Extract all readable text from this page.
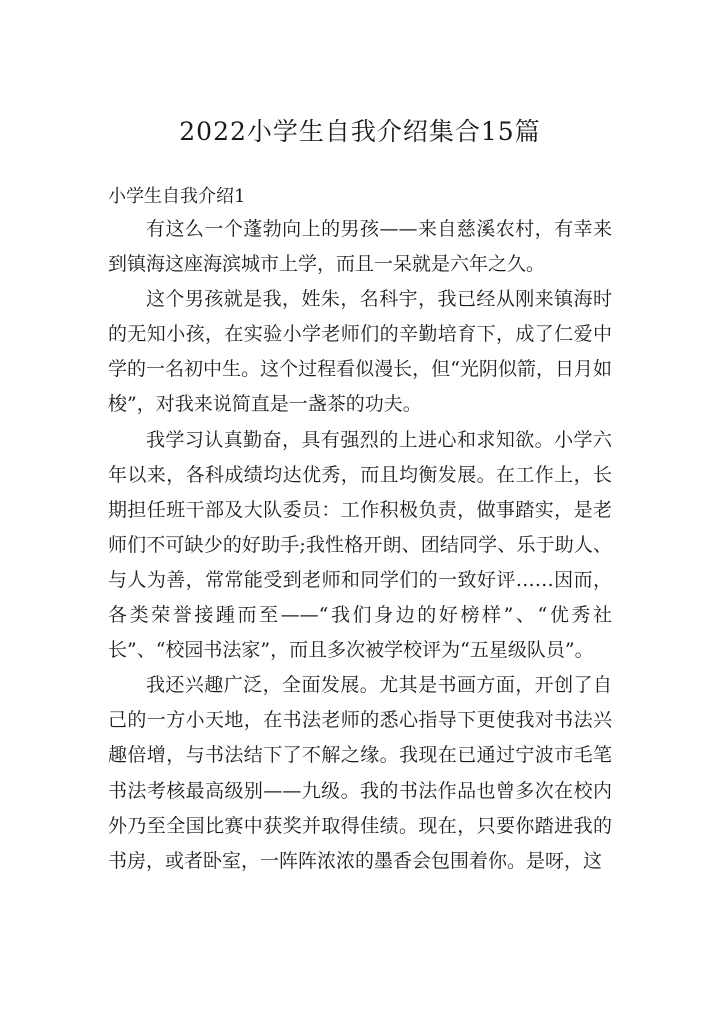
2022小学生自我介绍集合15篇
小学生自我介绍1

有这么一个蓬勃向上的男孩——来自慈溪农村，有幸来到镇海这座海滨城市上学，而且一呆就是六年之久。

这个男孩就是我，姓朱，名科宇，我已经从刚来镇海时的无知小孩，在实验小学老师们的辛勤培育下，成了仁爱中学的一名初中生。这个过程看似漫长，但“光阴似箭，日月如梭”，对我来说简直是一盏茶的功夫。

我学习认真勤奋，具有强烈的上进心和求知欲。小学六年以来，各科成绩均达优秀，而且均衡发展。在工作上，长期担任班干部及大队委员：工作积极负责，做事踏实，是老师们不可缺少的好助手;我性格开朗、团结同学、乐于助人、与人为善，常常能受到老师和同学们的一致好评……因而，各类荣誉接踵而至——“我们身边的好榜样”、“优秀社长”、“校园书法家”，而且多次被学校评为“五星级队员”。

我还兴趣广泛，全面发展。尤其是书画方面，开创了自己的一方小天地，在书法老师的悉心指导下更使我对书法兴趣倍增，与书法结下了不解之缘。我现在已通过宁波市毛笔书法考核最高级别——九级。我的书法作品也曾多次在校内外乃至全国比赛中获奖并取得佳绩。现在，只要你踏进我的书房，或者卧室，一阵阵浓浓的墨香会包围着你。是呀，这
